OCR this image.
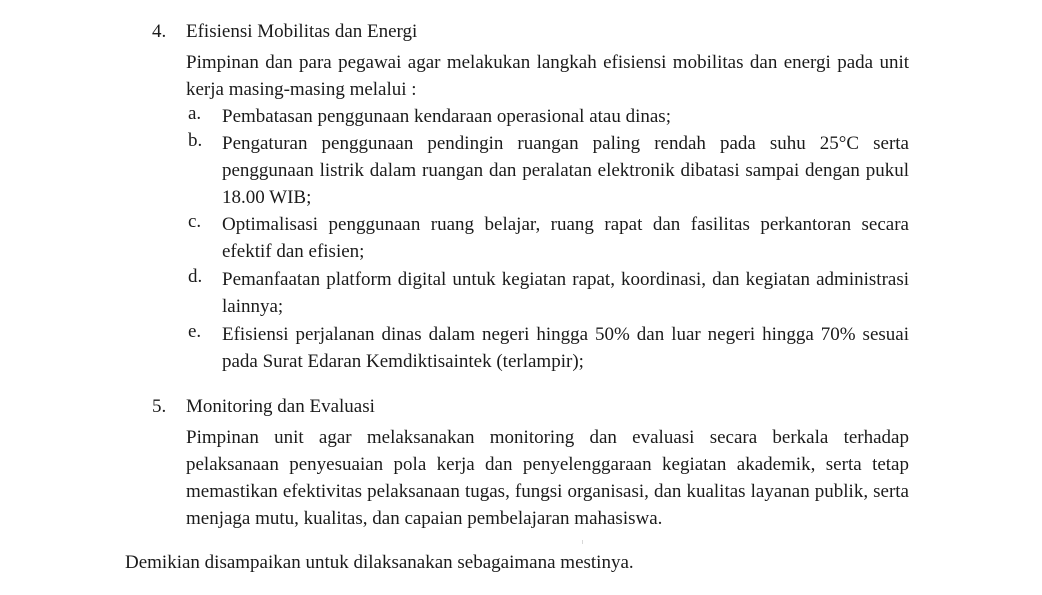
4.	Efisiensi Mobilitas dan Energi
Pimpinan dan para pegawai agar melakukan langkah efisiensi mobilitas dan energi pada unit kerja masing-masing melalui :
a.	Pembatasan penggunaan kendaraan operasional atau dinas;
b.	Pengaturan penggunaan pendingin ruangan paling rendah pada suhu 25°C serta penggunaan listrik dalam ruangan dan peralatan elektronik dibatasi sampai dengan pukul 18.00 WIB;
c.	Optimalisasi penggunaan ruang belajar, ruang rapat dan fasilitas perkantoran secara efektif dan efisien;
d.	Pemanfaatan platform digital untuk kegiatan rapat, koordinasi, dan kegiatan administrasi lainnya;
e.	Efisiensi perjalanan dinas dalam negeri hingga 50% dan luar negeri hingga 70% sesuai pada Surat Edaran Kemdiktisaintek (terlampir);
5.	Monitoring dan Evaluasi
Pimpinan unit agar melaksanakan monitoring dan evaluasi secara berkala terhadap pelaksanaan penyesuaian pola kerja dan penyelenggaraan kegiatan akademik, serta tetap memastikan efektivitas pelaksanaan tugas, fungsi organisasi, dan kualitas layanan publik, serta menjaga mutu, kualitas, dan capaian pembelajaran mahasiswa.
Demikian disampaikan untuk dilaksanakan sebagaimana mestinya.
